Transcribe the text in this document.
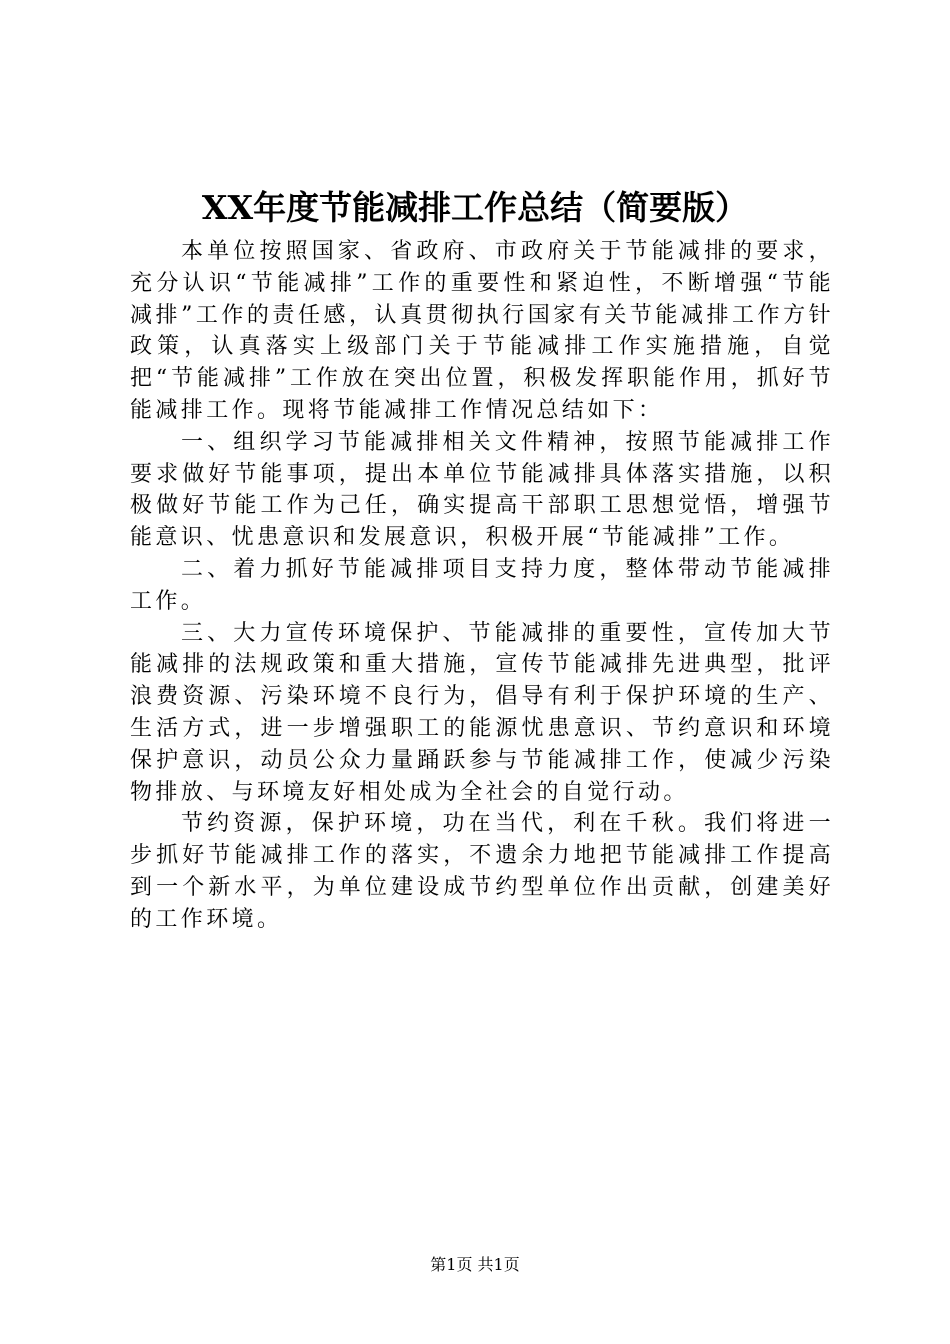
XX年度节能减排工作总结（简要版）

本单位按照国家、省政府、市政府关于节能减排的要求，充分认识“节能减排”工作的重要性和紧迫性，不断增强“节能减排”工作的责任感，认真贯彻执行国家有关节能减排工作方针政策，认真落实上级部门关于节能减排工作实施措施，自觉把“节能减排”工作放在突出位置，积极发挥职能作用，抓好节能减排工作。现将节能减排工作情况总结如下：

一、组织学习节能减排相关文件精神，按照节能减排工作要求做好节能事项，提出本单位节能减排具体落实措施，以积极做好节能工作为己任，确实提高干部职工思想觉悟，增强节能意识、忧患意识和发展意识，积极开展“节能减排”工作。

二、着力抓好节能减排项目支持力度，整体带动节能减排工作。

三、大力宣传环境保护、节能减排的重要性，宣传加大节能减排的法规政策和重大措施，宣传节能减排先进典型，批评浪费资源、污染环境不良行为，倡导有利于保护环境的生产、生活方式，进一步增强职工的能源忧患意识、节约意识和环境保护意识，动员公众力量踊跃参与节能减排工作，使减少污染物排放、与环境友好相处成为全社会的自觉行动。

节约资源，保护环境，功在当代，利在千秋。我们将进一步抓好节能减排工作的落实，不遗余力地把节能减排工作提高到一个新水平，为单位建设成节约型单位作出贡献，创建美好的工作环境。

第1页 共1页
